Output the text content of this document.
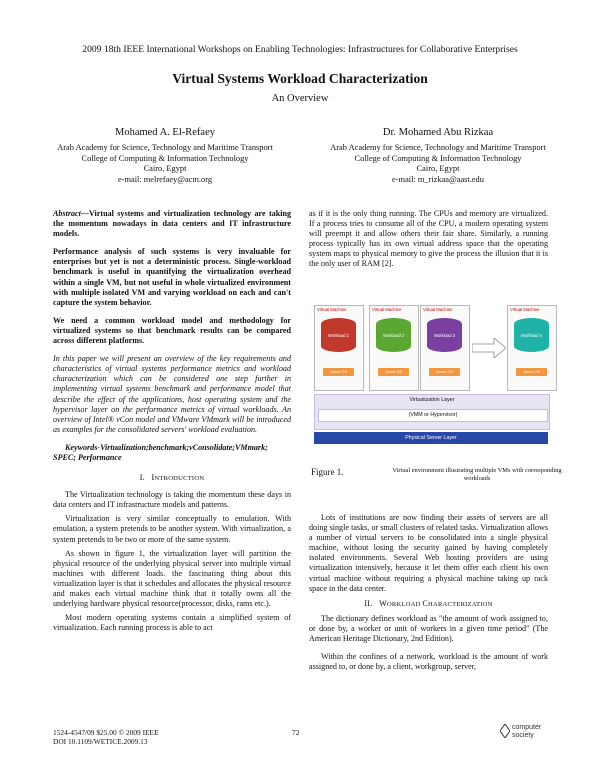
2009 18th IEEE International Workshops on Enabling Technologies: Infrastructures for Collaborative Enterprises
Virtual Systems Workload Characterization
An Overview
Mohamed A. El-Refaey
Arab Academy for Science, Technology and Maritime Transport
College of Computing & Information Technology
Cairo, Egypt
e-mail: melrefaey@acm.org
Dr. Mohamed Abu Rizkaa
Arab Academy for Science, Technology and Maritime Transport
College of Computing & Information Technology
Cairo, Egypt
e-mail: m_rizkaa@aast.edu

Abstract—Virtual systems and virtualization technology are taking the momentum nowadays in data centers and IT infrastructure models.

Performance analysis of such systems is very invaluable for enterprises but yet is not a deterministic process. Single-workload benchmark is useful in quantifying the virtualization overhead within a single VM, but not useful in whole virtualized environment with multiple isolated VM and varying workload on each and can't capture the system behavior.

We need a common workload model and methodology for virtualized systems so that benchmark results can be compared across different platforms.

In this paper we will present an overview of the key requirements and characteristics of virtual systems performance metrics and workload characterization which can be considered one step further in implementing virtual systems benchmark and performance model that describe the effect of the applications, host operating system and the hypervisor layer on the performance metrics of virtual workloads. An overview of Intel® vCon model and VMware VMmark will be introduced as examples for the consolidated servers' workload evaluation.

Keywords-Virtualization;benchmark;vConsolidate;VMmark; SPEC; Performance

I. INTRODUCTION

The Virtualization technology is taking the momentum these days in data centers and IT infrastructure models and patterns.

Virtualization is very similar conceptually to emulation. With emulation, a system pretends to be another system. With virtualization, a system pretends to be two or more of the same system.

As shown in figure 1, the virtualization layer will partition the physical resource of the underlying physical server into multiple virtual machines with different loads. the fascinating thing about this virtualization layer is that it schedules and allocates the physical resource and makes each virtual machine think that it totally owns all the underlying hardware physical resource(processor, disks, rams etc.).

Most modern operating systems contain a simplified system of virtualization. Each running process is able to act

as if it is the only thing running. The CPUs and memory are virtualized. If a process tries to consume all of the CPU, a modern operating system will preempt it and allow others their fair share. Similarly, a running process typically has its own virtual address space that the operating system maps to physical memory to give the process the illusion that it is the only user of RAM [2].

Virtual Machine
Workload 1
Guest OS
Virtual Machine
Workload 2
Guest OS
Virtual Machine
Workload 3
Guest OS
Virtual Machine
Workload n
Guest OS
Virtualization Layer
(VMM or Hypervisor)
Physical Server Layer
Figure 1.	Virtual environment illustrating multiple VMs with corresponding workloads

Lots of institutions are now finding their assets of servers are all doing single tasks, or small clusters of related tasks. Virtualization allows a number of virtual servers to be consolidated into a single physical machine, without losing the security gained by having completely isolated environments. Several Web hosting providers are using virtualization intensively, because it let them offer each client his own virtual machine without requiring a physical machine taking up rack space in the data center.

II. WORKLOAD CHARACTERIZATION

The dictionary defines workload as "the amount of work assigned to, or done by, a worker or unit of workers in a given time period" (The American Heritage Dictionary, 2nd Edition).

Within the confines of a network, workload is the amount of work assigned to, or done by, a client, workgroup, server,

1524-4547/09 $25.00 © 2009 IEEE
DOI 10.1109/WETICE.2009.13
72
computer
society
